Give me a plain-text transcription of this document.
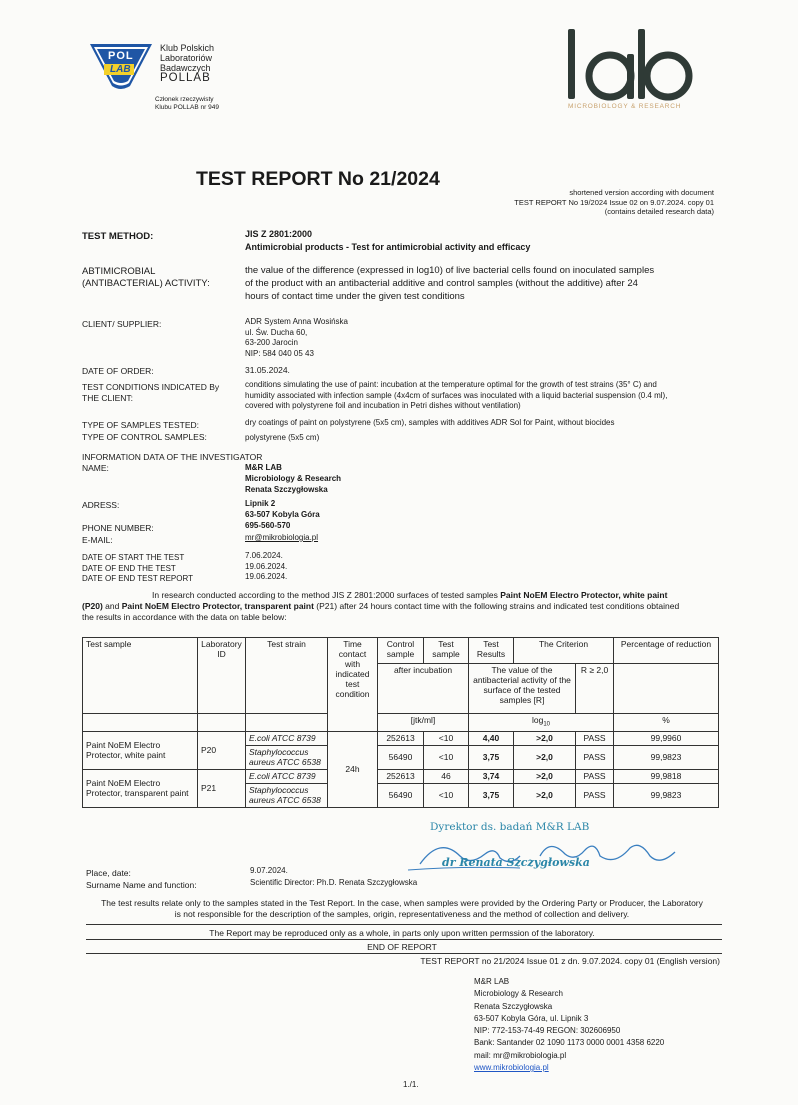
POL
LAB
Klub Polskich
Laboratoriów
Badawczych
POLLAB
Członek rzeczywisty
Klubu POLLAB nr 949	MICROBIOLOGY & RESEARCH
TEST REPORT No 21/2024
shortened version according with document
TEST REPORT No 19/2024 Issue 02 on 9.07.2024. copy 01
(contains detailed research data)
TEST METHOD:	JIS Z 2801:2000
Antimicrobial products - Test for antimicrobial activity and efficacy
ABTIMICROBIAL
(ANTIBACTERIAL) ACTIVITY:
the value of the difference (expressed in log10) of live bacterial cells found on inoculated samples
of the product with an antibacterial additive and control samples (without the additive) after 24
hours of contact time under the given test conditions
CLIENT/ SUPPLIER:	ADR System Anna Wosińska
ul. Św. Ducha 60,
63-200 Jarocin
NIP: 584 040 05 43
DATE OF ORDER:	31.05.2024.
TEST CONDITIONS INDICATED By
THE CLIENT:
conditions simulating the use of paint: incubation at the temperature optimal for the growth of test strains (35° C) and
humidity associated with infection sample (4x4cm of surfaces was inoculated with a liquid bacterial suspension (0.4 ml),
covered with polystyrene foil and incubation in Petri dishes without ventilation)
TYPE OF SAMPLES TESTED:	dry coatings of paint on polystyrene (5x5 cm), samples with additives ADR Sol for Paint, without biocides
TYPE OF CONTROL SAMPLES:	polystyrene (5x5 cm)
INFORMATION DATA OF THE INVESTIGATOR
NAME:	M&R LAB
Microbiology & Research
Renata Szczygłowska
ADRESS:	Lipnik 2
63-507 Kobyla Góra
PHONE NUMBER:	695-560-570
E-MAIL:	mr@mikrobiologia.pl
DATE OF START THE TEST
DATE OF END THE TEST
DATE OF END TEST REPORT
7.06.2024.
19.06.2024.
19.06.2024.
In research conducted according to the method JIS Z 2801:2000 surfaces of tested samples Paint NoEM Electro Protector, white paint
(P20) and Paint NoEM Electro Protector, transparent paint (P21) after 24 hours contact time with the following strains and indicated test conditions obtained
the results in accordance with the data on table below:
Test sample	Laboratory ID	Test strain	Time contact with indicated test condition	Control sample	Test sample	Test Results	The Criterion		Percentage of reduction
				after incubation		The value of the antibacterial activity of the surface of the tested samples [R]		R ≥ 2,0	
				[jtk/ml]		$\log_{10}$			%
Paint NoEM Electro Protector, white paint	P20	E.coli ATCC 8739	24h	252613	<10	4,40	>2,0	PASS	99,9960
		Staphylococcus aureus ATCC 6538		56490	<10	3,75	>2,0	PASS	99,9823
Paint NoEM Electro Protector, transparent paint	P21	E.coli ATCC 8739		252613	46	3,74	>2,0	PASS	99,9818
		Staphylococcus aureus ATCC 6538		56490	<10	3,75	>2,0	PASS	99,9823
Dyrektor ds. badań M&R LAB
dr Renata Szczygłowska
Place, date:	9.07.2024.
Surname Name and function:	Scientific Director: Ph.D. Renata Szczygłowska
The test results relate only to the samples stated in the Test Report. In the case, when samples were provided by the Ordering Party or Producer, the Laboratory
is not responsible for the description of the samples, origin, representativeness and the method of collection and delivery.
The Report may be reproduced only as a whole, in parts only upon written permssion of the laboratory.
END OF REPORT
TEST REPORT no 21/2024 Issue 01 z dn. 9.07.2024. copy 01 (English version)
M&R LAB
Microbiology & Research
Renata Szczygłowska
63-507 Kobyla Góra, ul. Lipnik 3
NIP: 772-153-74-49 REGON: 302606950
Bank: Santander 02 1090 1173 0000 0001 4358 6220
mail: mr@mikrobiologia.pl
www.mikrobiologia.pl
1./1.
